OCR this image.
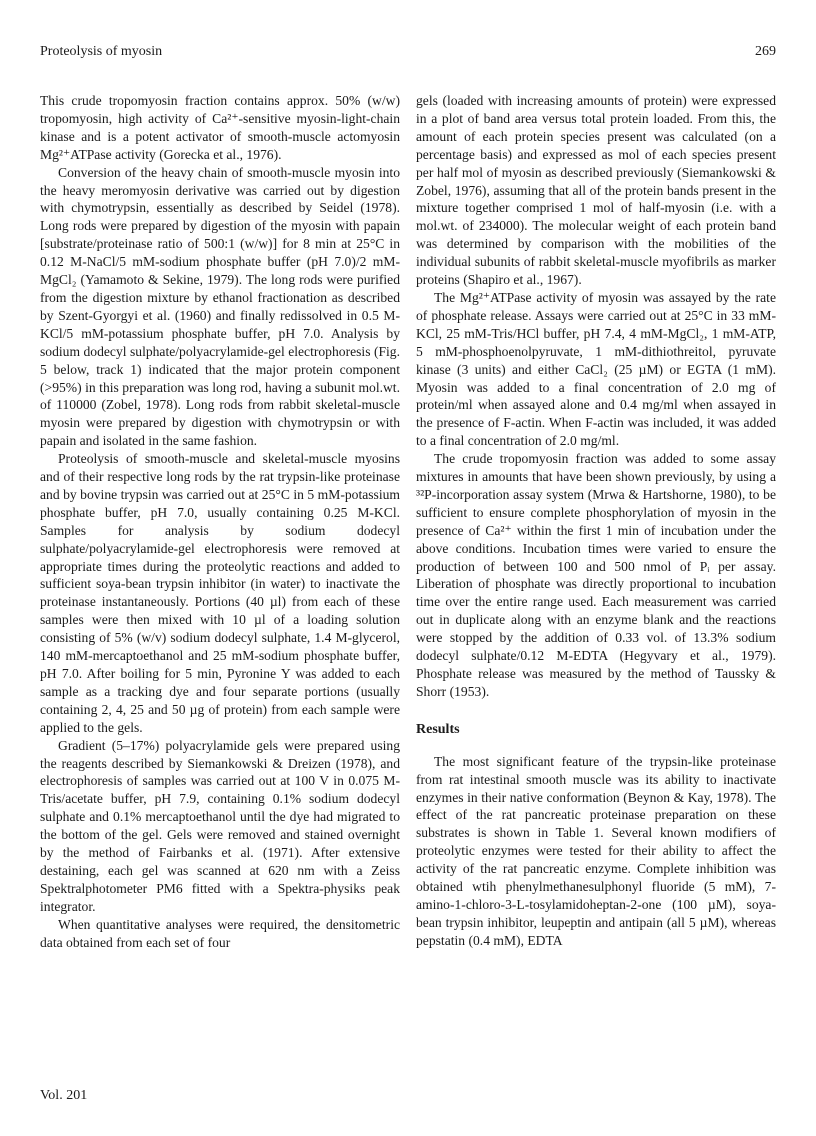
Proteolysis of myosin	269

This crude tropomyosin fraction contains approx. 50% (w/w) tropomyosin, high activity of Ca²⁺-sensitive myosin-light-chain kinase and is a potent activator of smooth-muscle actomyosin Mg²⁺ATPase activity (Gorecka et al., 1976).

Conversion of the heavy chain of smooth-muscle myosin into the heavy meromyosin derivative was carried out by digestion with chymotrypsin, essentially as described by Seidel (1978). Long rods were prepared by digestion of the myosin with papain [substrate/proteinase ratio of 500:1 (w/w)] for 8 min at 25°C in 0.12 M-NaCl/5 mM-sodium phosphate buffer (pH 7.0)/2 mM-MgCl₂ (Yamamoto & Sekine, 1979). The long rods were purified from the digestion mixture by ethanol fractionation as described by Szent-Gyorgyi et al. (1960) and finally redissolved in 0.5 M-KCl/5 mM-potassium phosphate buffer, pH 7.0. Analysis by sodium dodecyl sulphate/polyacrylamide-gel electrophoresis (Fig. 5 below, track 1) indicated that the major protein component (>95%) in this preparation was long rod, having a subunit mol.wt. of 110000 (Zobel, 1978). Long rods from rabbit skeletal-muscle myosin were prepared by digestion with chymotrypsin or with papain and isolated in the same fashion.

Proteolysis of smooth-muscle and skeletal-muscle myosins and of their respective long rods by the rat trypsin-like proteinase and by bovine trypsin was carried out at 25°C in 5 mM-potassium phosphate buffer, pH 7.0, usually containing 0.25 M-KCl. Samples for analysis by sodium dodecyl sulphate/polyacrylamide-gel electrophoresis were removed at appropriate times during the proteolytic reactions and added to sufficient soya-bean trypsin inhibitor (in water) to inactivate the proteinase instantaneously. Portions (40 µl) from each of these samples were then mixed with 10 µl of a loading solution consisting of 5% (w/v) sodium dodecyl sulphate, 1.4 M-glycerol, 140 mM-mercaptoethanol and 25 mM-sodium phosphate buffer, pH 7.0. After boiling for 5 min, Pyronine Y was added to each sample as a tracking dye and four separate portions (usually containing 2, 4, 25 and 50 µg of protein) from each sample were applied to the gels.

Gradient (5–17%) polyacrylamide gels were prepared using the reagents described by Siemankowski & Dreizen (1978), and electrophoresis of samples was carried out at 100 V in 0.075 M-Tris/acetate buffer, pH 7.9, containing 0.1% sodium dodecyl sulphate and 0.1% mercaptoethanol until the dye had migrated to the bottom of the gel. Gels were removed and stained overnight by the method of Fairbanks et al. (1971). After extensive destaining, each gel was scanned at 620 nm with a Zeiss Spektralphotometer PM6 fitted with a Spektra-physiks peak integrator.

When quantitative analyses were required, the densitometric data obtained from each set of four

gels (loaded with increasing amounts of protein) were expressed in a plot of band area versus total protein loaded. From this, the amount of each protein species present was calculated (on a percentage basis) and expressed as mol of each species present per half mol of myosin as described previously (Siemankowski & Zobel, 1976), assuming that all of the protein bands present in the mixture together comprised 1 mol of half-myosin (i.e. with a mol.wt. of 234000). The molecular weight of each protein band was determined by comparison with the mobilities of the individual subunits of rabbit skeletal-muscle myofibrils as marker proteins (Shapiro et al., 1967).

The Mg²⁺ATPase activity of myosin was assayed by the rate of phosphate release. Assays were carried out at 25°C in 33 mM-KCl, 25 mM-Tris/HCl buffer, pH 7.4, 4 mM-MgCl₂, 1 mM-ATP, 5 mM-phosphoenolpyruvate, 1 mM-dithiothreitol, pyruvate kinase (3 units) and either CaCl₂ (25 µM) or EGTA (1 mM). Myosin was added to a final concentration of 2.0 mg of protein/ml when assayed alone and 0.4 mg/ml when assayed in the presence of F-actin. When F-actin was included, it was added to a final concentration of 2.0 mg/ml.

The crude tropomyosin fraction was added to some assay mixtures in amounts that have been shown previously, by using a ³²P-incorporation assay system (Mrwa & Hartshorne, 1980), to be sufficient to ensure complete phosphorylation of myosin in the presence of Ca²⁺ within the first 1 min of incubation under the above conditions. Incubation times were varied to ensure the production of between 100 and 500 nmol of Pᵢ per assay. Liberation of phosphate was directly proportional to incubation time over the entire range used. Each measurement was carried out in duplicate along with an enzyme blank and the reactions were stopped by the addition of 0.33 vol. of 13.3% sodium dodecyl sulphate/0.12 M-EDTA (Hegyvary et al., 1979). Phosphate release was measured by the method of Taussky & Shorr (1953).

Results

The most significant feature of the trypsin-like proteinase from rat intestinal smooth muscle was its ability to inactivate enzymes in their native conformation (Beynon & Kay, 1978). The effect of the rat pancreatic proteinase preparation on these substrates is shown in Table 1. Several known modifiers of proteolytic enzymes were tested for their ability to affect the activity of the rat pancreatic enzyme. Complete inhibition was obtained wtih phenylmethanesulphonyl fluoride (5 mM), 7-amino-1-chloro-3-L-tosylamidoheptan-2-one (100 µM), soya-bean trypsin inhibitor, leupeptin and antipain (all 5 µM), whereas pepstatin (0.4 mM), EDTA

Vol. 201
